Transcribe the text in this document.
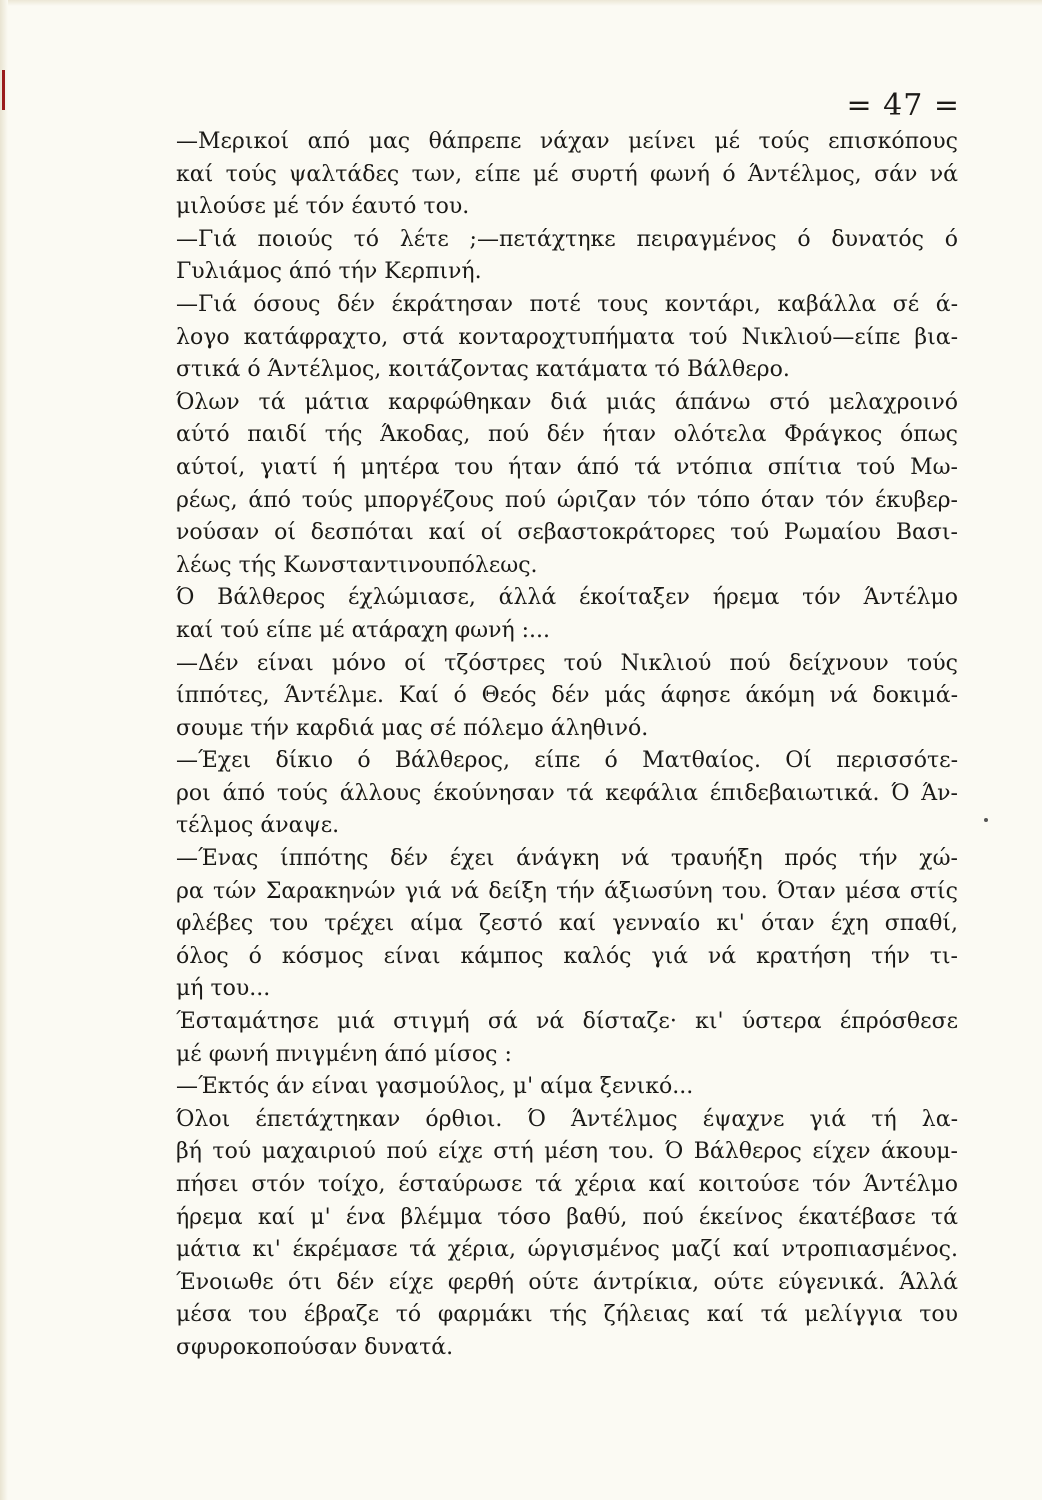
= 47 =
—Μερικοί από μας θάπρεπε νάχαν μείνει μέ τούς επισκόπους
καί τούς ψαλτάδες των, είπε μέ συρτή φωνή ό Άντέλμος, σάν νά
μιλούσε μέ τόν έαυτό του.
—Γιά ποιούς τό λέτε ;—πετάχτηκε πειραγμένος ό δυνατός ό
Γυλιάμος άπό τήν Κερπινή.
—Γιά όσους δέν έκράτησαν ποτέ τους κοντάρι, καβάλλα σέ ά-
λογο κατάφραχτο, στά κονταροχτυπήματα τού Νικλιού—είπε βια-
στικά ό Άντέλμος, κοιτάζοντας κατάματα τό Βάλθερο.
Όλων τά μάτια καρφώθηκαν διά μιάς άπάνω στό μελαχροινό
αύτό παιδί τής Άκοδας, πού δέν ήταν ολότελα Φράγκος όπως
αύτοί, γιατί ή μητέρα του ήταν άπό τά ντόπια σπίτια τού Μω-
ρέως, άπό τούς μποργέζους πού ώριζαν τόν τόπο όταν τόν έκυβερ-
νούσαν οί δεσπόται καί οί σεβαστοκράτορες τού Ρωμαίου Βασι-
λέως τής Κωνσταντινουπόλεως.
Ό Βάλθερος έχλώμιασε, άλλά έκοίταξεν ήρεμα τόν Άντέλμο
καί τού είπε μέ ατάραχη φωνή :...
—Δέν είναι μόνο οί τζόστρες τού Νικλιού πού δείχνουν τούς
ίππότες, Άντέλμε. Καί ό Θεός δέν μάς άφησε άκόμη νά δοκιμά-
σουμε τήν καρδιά μας σέ πόλεμο άληθινό.
—Έχει δίκιο ό Βάλθερος, είπε ό Ματθαίος. Οί περισσότε-
ροι άπό τούς άλλους έκούνησαν τά κεφάλια έπιδεβαιωτικά. Ό Άν-
τέλμος άναψε.
—Ένας ίππότης δέν έχει άνάγκη νά τραυήξη πρός τήν χώ-
ρα τών Σαρακηνών γιά νά δείξη τήν άξιωσύνη του. Όταν μέσα στίς
φλέβες του τρέχει αίμα ζεστό καί γενναίο κι' όταν έχη σπαθί,
όλος ό κόσμος είναι κάμπος καλός γιά νά κρατήση τήν τι-
μή του...
Έσταμάτησε μιά στιγμή σά νά δίσταζε· κι' ύστερα έπρόσθεσε
μέ φωνή πνιγμένη άπό μίσος :
—Έκτός άν είναι γασμούλος, μ' αίμα ξενικό...
Όλοι έπετάχτηκαν όρθιοι. Ό Άντέλμος έψαχνε γιά τή λα-
βή τού μαχαιριού πού είχε στή μέση του. Ό Βάλθερος είχεν άκουμ-
πήσει στόν τοίχο, έσταύρωσε τά χέρια καί κοιτούσε τόν Άντέλμο
ήρεμα καί μ' ένα βλέμμα τόσο βαθύ, πού έκείνος έκατέβασε τά
μάτια κι' έκρέμασε τά χέρια, ώργισμένος μαζί καί ντροπιασμένος.
Ένοιωθε ότι δέν είχε φερθή ούτε άντρίκια, ούτε εύγενικά. Άλλά
μέσα του έβραζε τό φαρμάκι τής ζήλειας καί τά μελίγγια του
σφυροκοπούσαν δυνατά.
